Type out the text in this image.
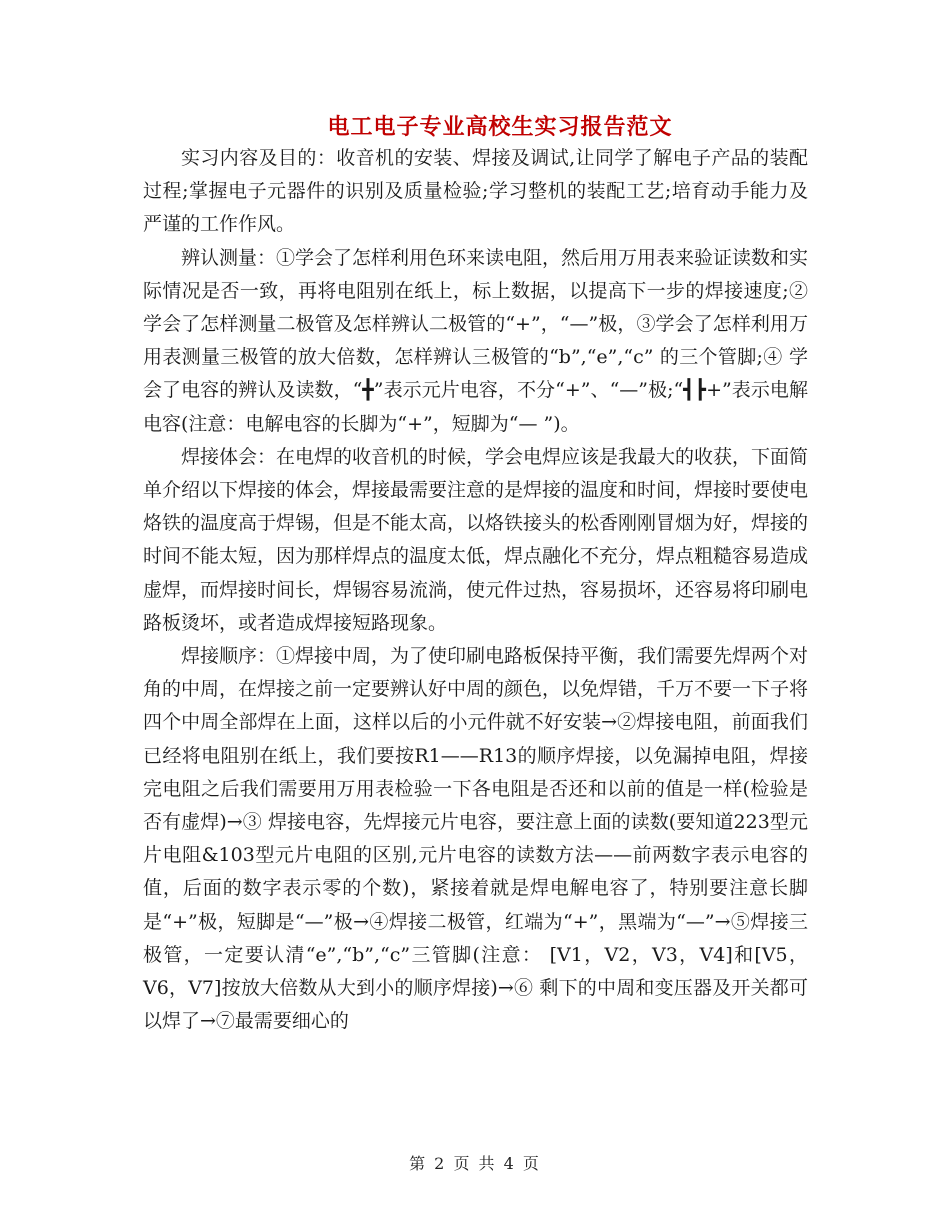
电工电子专业高校生实习报告范文

实习内容及目的：收音机的安装、焊接及调试,让同学了解电子产品的装配过程;掌握电子元器件的识别及质量检验;学习整机的装配工艺;培育动手能力及严谨的工作作风。

辨认测量：①学会了怎样利用色环来读电阻，然后用万用表来验证读数和实际情况是否一致，再将电阻别在纸上，标上数据，以提高下一步的焊接速度;② 学会了怎样测量二极管及怎样辨认二极管的“+”，“—”极，③学会了怎样利用万用表测量三极管的放大倍数，怎样辨认三极管的“b”,“e”,“c” 的三个管脚;④ 学会了电容的辨认及读数，“╋”表示元片电容，不分“+”、“—”极;“┫┣+”表示电解电容(注意：电解电容的长脚为“+”，短脚为“— ”)。

焊接体会：在电焊的收音机的时候，学会电焊应该是我最大的收获，下面简单介绍以下焊接的体会，焊接最需要注意的是焊接的温度和时间，焊接时要使电烙铁的温度高于焊锡，但是不能太高，以烙铁接头的松香刚刚冒烟为好，焊接的时间不能太短，因为那样焊点的温度太低，焊点融化不充分，焊点粗糙容易造成虚焊，而焊接时间长，焊锡容易流淌，使元件过热，容易损坏，还容易将印刷电路板烫坏，或者造成焊接短路现象。

焊接顺序：①焊接中周，为了使印刷电路板保持平衡，我们需要先焊两个对角的中周，在焊接之前一定要辨认好中周的颜色，以免焊错，千万不要一下子将四个中周全部焊在上面，这样以后的小元件就不好安装→②焊接电阻，前面我们已经将电阻别在纸上，我们要按R1——R13的顺序焊接，以免漏掉电阻，焊接完电阻之后我们需要用万用表检验一下各电阻是否还和以前的值是一样(检验是否有虚焊)→③ 焊接电容，先焊接元片电容，要注意上面的读数(要知道223型元片电阻&103型元片电阻的区别,元片电容的读数方法——前两数字表示电容的值，后面的数字表示零的个数)，紧接着就是焊电解电容了，特别要注意长脚是“+”极，短脚是“—”极→④焊接二极管，红端为“+”，黑端为“—”→⑤焊接三极管，一定要认清“e”,“b”,“c”三管脚(注意： [V1，V2，V3，V4]和[V5，V6，V7]按放大倍数从大到小的顺序焊接)→⑥ 剩下的中周和变压器及开关都可以焊了→⑦最需要细心的

第 2 页 共 4 页
